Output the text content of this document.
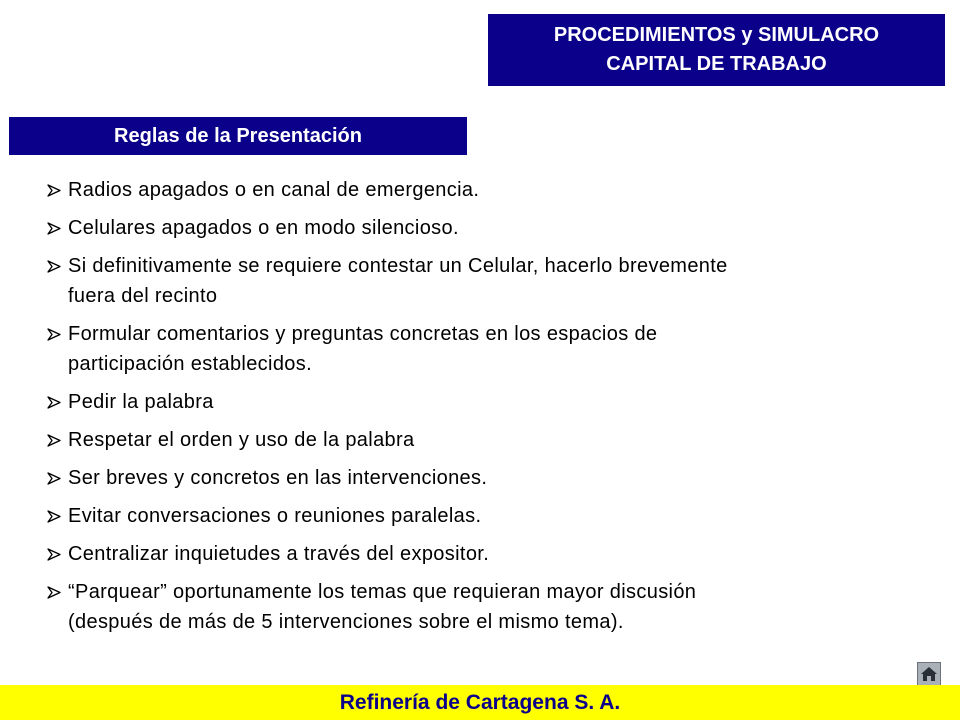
PROCEDIMIENTOS y SIMULACRO
CAPITAL DE TRABAJO
Reglas de la Presentación
Radios apagados o en canal de emergencia.
Celulares apagados o en modo silencioso.
Si definitivamente se requiere contestar un Celular, hacerlo brevemente
fuera del recinto
Formular comentarios y preguntas concretas en los espacios de
participación establecidos.
Pedir la palabra
Respetar el orden y uso de la palabra
Ser breves y concretos en las intervenciones.
Evitar conversaciones o reuniones paralelas.
Centralizar inquietudes a través del expositor.
“Parquear” oportunamente los temas que requieran mayor discusión
(después de más de 5 intervenciones sobre el mismo tema).
Refinería de Cartagena S. A.
